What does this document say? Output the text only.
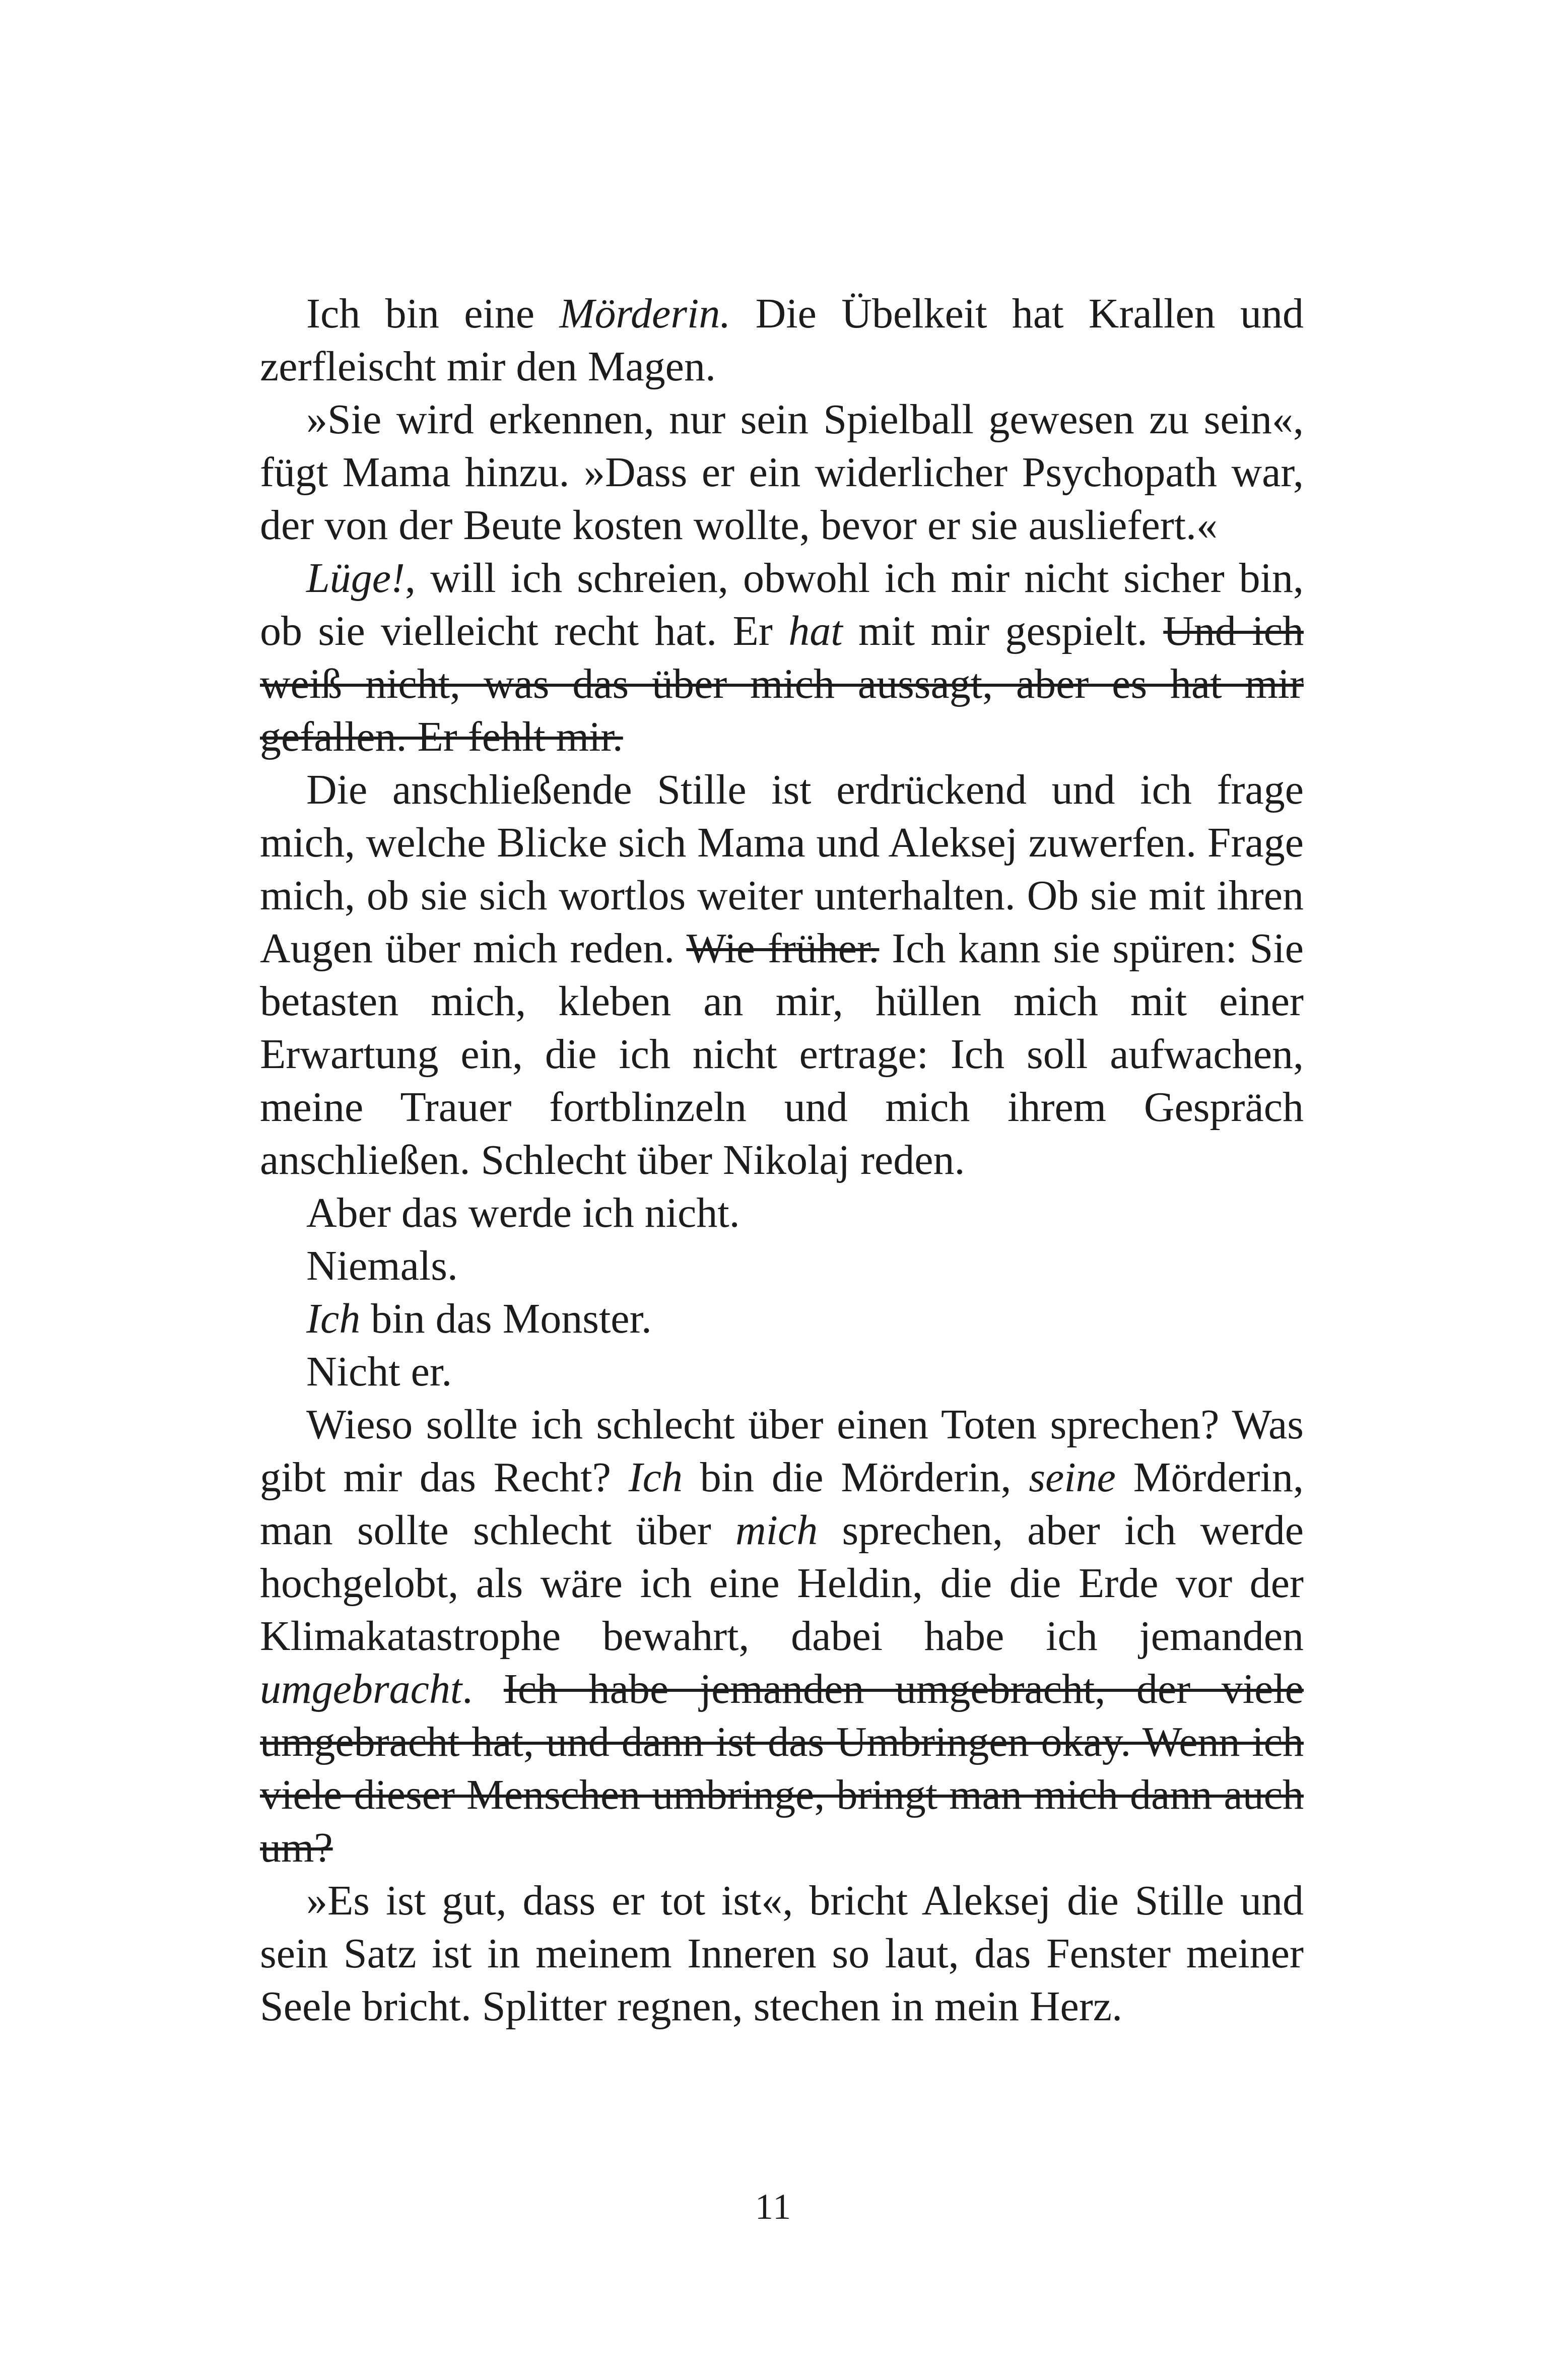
Ich bin eine Mörderin. Die Übelkeit hat Krallen und zerfleischt mir den Magen.

»Sie wird erkennen, nur sein Spielball gewesen zu sein«, fügt Mama hinzu. »Dass er ein widerlicher Psychopath war, der von der Beute kosten wollte, bevor er sie ausliefert.«

Lüge!, will ich schreien, obwohl ich mir nicht sicher bin, ob sie vielleicht recht hat. Er hat mit mir gespielt. Und ich weiß nicht, was das über mich aussagt, aber es hat mir gefallen. Er fehlt mir.

Die anschließende Stille ist erdrückend und ich frage mich, welche Blicke sich Mama und Aleksej zuwerfen. Frage mich, ob sie sich wortlos weiter unterhalten. Ob sie mit ihren Augen über mich reden. Wie früher. Ich kann sie spüren: Sie betasten mich, kleben an mir, hüllen mich mit einer Erwartung ein, die ich nicht ertrage: Ich soll aufwachen, meine Trauer fortblinzeln und mich ihrem Gespräch anschließen. Schlecht über Nikolaj reden.

Aber das werde ich nicht.

Niemals.

Ich bin das Monster.

Nicht er.

Wieso sollte ich schlecht über einen Toten sprechen? Was gibt mir das Recht? Ich bin die Mörderin, seine Mörderin, man sollte schlecht über mich sprechen, aber ich werde hochgelobt, als wäre ich eine Heldin, die die Erde vor der Klimakatastrophe bewahrt, dabei habe ich jemanden umgebracht. Ich habe jemanden umgebracht, der viele umgebracht hat, und dann ist das Umbringen okay. Wenn ich viele dieser Menschen umbringe, bringt man mich dann auch um?

»Es ist gut, dass er tot ist«, bricht Aleksej die Stille und sein Satz ist in meinem Inneren so laut, das Fenster meiner Seele bricht. Splitter regnen, stechen in mein Herz.

11
